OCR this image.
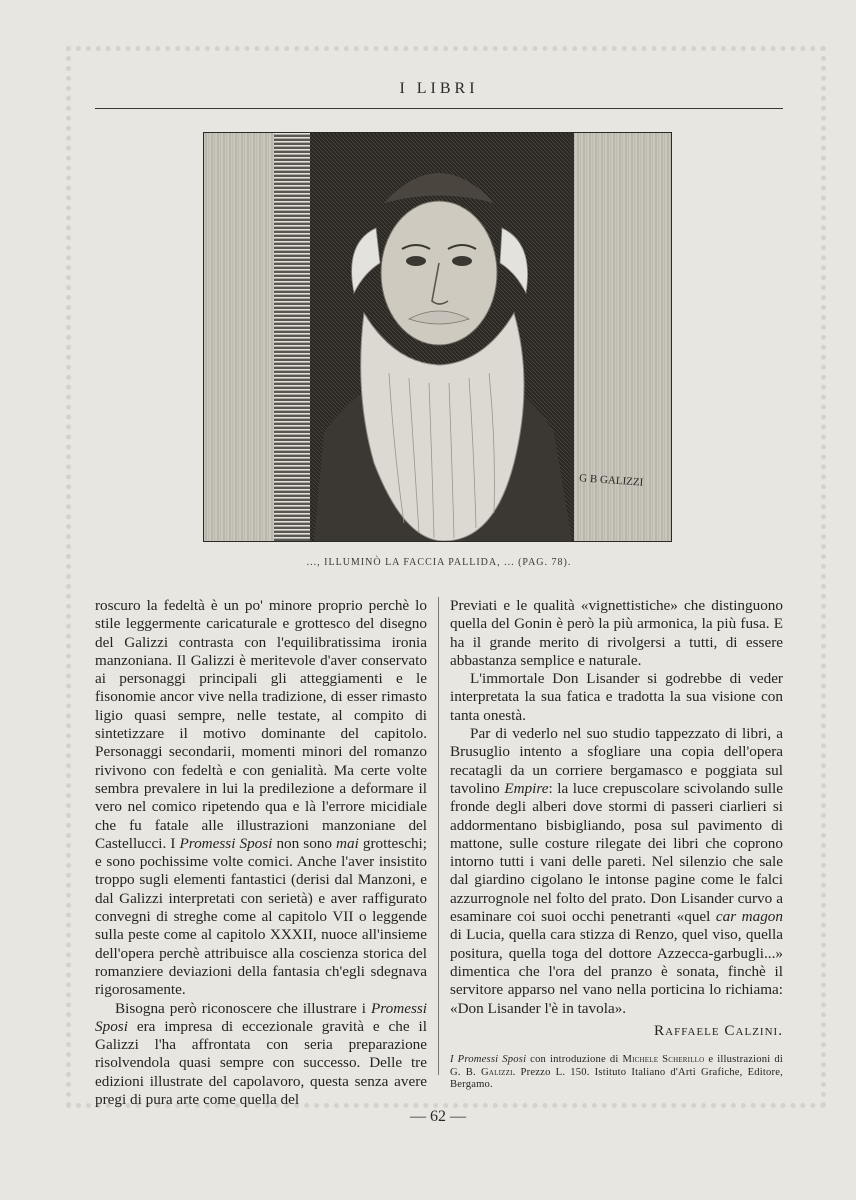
I LIBRI
G B GALIZZI
..., ILLUMINÒ LA FACCIA PALLIDA, ... (PAG. 78).

roscuro la fedeltà è un po' minore proprio perchè lo stile leggermente caricaturale e grottesco del disegno del Galizzi contrasta con l'equilibratissima ironia manzoniana. Il Galizzi è meritevole d'aver conservato ai personaggi principali gli atteggiamenti e le fisonomie ancor vive nella tradizione, di esser rimasto ligio quasi sempre, nelle testate, al compito di sintetizzare il motivo dominante del capitolo. Personaggi secondarii, momenti minori del romanzo rivivono con fedeltà e con genialità. Ma certe volte sembra prevalere in lui la predilezione a deformare il vero nel comico ripetendo qua e là l'errore micidiale che fu fatale alle illustrazioni manzoniane del Castellucci. I Promessi Sposi non sono mai grotteschi; e sono pochissime volte comici. Anche l'aver insistito troppo sugli elementi fantastici (derisi dal Manzoni, e dal Galizzi interpretati con serietà) e aver raffigurato convegni di streghe come al capitolo VII o leggende sulla peste come al capitolo XXXII, nuoce all'insieme dell'opera perchè attribuisce alla coscienza storica del romanziere deviazioni della fantasia ch'egli sdegnava rigorosamente.

Bisogna però riconoscere che illustrare i Promessi Sposi era impresa di eccezionale gravità e che il Galizzi l'ha affrontata con seria preparazione risolvendola quasi sempre con successo. Delle tre edizioni illustrate del capolavoro, questa senza avere pregi di pura arte come quella del

Previati e le qualità «vignettistiche» che distinguono quella del Gonin è però la più armonica, la più fusa. E ha il grande merito di rivolgersi a tutti, di essere abbastanza semplice e naturale.

L'immortale Don Lisander si godrebbe di veder interpretata la sua fatica e tradotta la sua visione con tanta onestà.

Par di vederlo nel suo studio tappezzato di libri, a Brusuglio intento a sfogliare una copia dell'opera recatagli da un corriere bergamasco e poggiata sul tavolino Empire: la luce crepuscolare scivolando sulle fronde degli alberi dove stormi di passeri ciarlieri si addormentano bisbigliando, posa sul pavimento di mattone, sulle costure rilegate dei libri che coprono intorno tutti i vani delle pareti. Nel silenzio che sale dal giardino cigolano le intonse pagine come le falci azzurrognole nel folto del prato. Don Lisander curvo a esaminare coi suoi occhi penetranti «quel car magon di Lucia, quella cara stizza di Renzo, quel viso, quella positura, quella toga del dottore Azzecca-garbugli...» dimentica che l'ora del pranzo è sonata, finchè il servitore apparso nel vano nella porticina lo richiama: «Don Lisander l'è in tavola».

Raffaele Calzini.
I Promessi Sposi con introduzione di Michele Scherillo e illustrazioni di G. B. Galizzi. Prezzo L. 150. Istituto Italiano d'Arti Grafiche, Editore, Bergamo.
— 62 —
